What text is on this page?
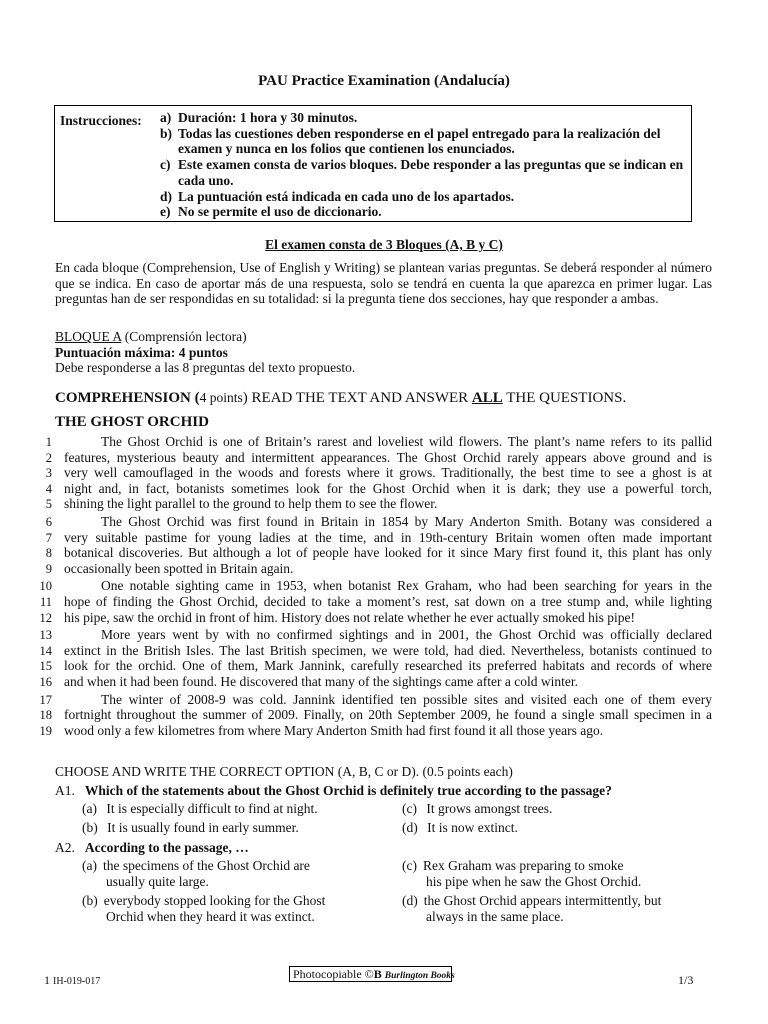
PAU Practice Examination (Andalucía)
Instrucciones: a) Duración: 1 hora y 30 minutos.
b) Todas las cuestiones deben responderse en el papel entregado para la realización del examen y nunca en los folios que contienen los enunciados.
c) Este examen consta de varios bloques. Debe responder a las preguntas que se indican en cada uno.
d) La puntuación está indicada en cada uno de los apartados.
e) No se permite el uso de diccionario.
El examen consta de 3 Bloques (A, B y C)
En cada bloque (Comprehension, Use of English y Writing) se plantean varias preguntas. Se deberá responder al número que se indica. En caso de aportar más de una respuesta, solo se tendrá en cuenta la que aparezca en primer lugar. Las preguntas han de ser respondidas en su totalidad: si la pregunta tiene dos secciones, hay que responder a ambas.
BLOQUE A (Comprensión lectora)
Puntuación máxima: 4 puntos
Debe responderse a las 8 preguntas del texto propuesto.
COMPREHENSION (4 points) READ THE TEXT AND ANSWER ALL THE QUESTIONS.
THE GHOST ORCHID
1	The Ghost Orchid is one of Britain’s rarest and loveliest wild flowers. The plant’s name refers to its pallid
2 features, mysterious beauty and intermittent appearances. The Ghost Orchid rarely appears above ground and is
3 very well camouflaged in the woods and forests where it grows. Traditionally, the best time to see a ghost is at
4 night and, in fact, botanists sometimes look for the Ghost Orchid when it is dark; they use a powerful torch,
5 shining the light parallel to the ground to help them to see the flower.
6	The Ghost Orchid was first found in Britain in 1854 by Mary Anderton Smith. Botany was considered a
7 very suitable pastime for young ladies at the time, and in 19th-century Britain women often made important
8 botanical discoveries. But although a lot of people have looked for it since Mary first found it, this plant has only
9 occasionally been spotted in Britain again.
10	One notable sighting came in 1953, when botanist Rex Graham, who had been searching for years in the
11 hope of finding the Ghost Orchid, decided to take a moment’s rest, sat down on a tree stump and, while lighting
12 his pipe, saw the orchid in front of him. History does not relate whether he ever actually smoked his pipe!
13	More years went by with no confirmed sightings and in 2001, the Ghost Orchid was officially declared
14 extinct in the British Isles. The last British specimen, we were told, had died. Nevertheless, botanists continued to
15 look for the orchid. One of them, Mark Jannink, carefully researched its preferred habitats and records of where
16 and when it had been found. He discovered that many of the sightings came after a cold winter.
17	The winter of 2008-9 was cold. Jannink identified ten possible sites and visited each one of them every
18 fortnight throughout the summer of 2009. Finally, on 20th September 2009, he found a single small specimen in a
19 wood only a few kilometres from where Mary Anderton Smith had first found it all those years ago.
CHOOSE AND WRITE THE CORRECT OPTION (A, B, C or D). (0.5 points each)
A1. Which of the statements about the Ghost Orchid is definitely true according to the passage?
(a) It is especially difficult to find at night.	(c) It grows amongst trees.
(b) It is usually found in early summer.	(d) It is now extinct.
A2. According to the passage, …
(a) the specimens of the Ghost Orchid are
usually quite large.
(c) Rex Graham was preparing to smoke
his pipe when he saw the Ghost Orchid.
(b) everybody stopped looking for the Ghost
Orchid when they heard it was extinct.
(d) the Ghost Orchid appears intermittently, but
always in the same place.
1 IH-019-017
Photocopiable ©B Burlington Books	1/3
